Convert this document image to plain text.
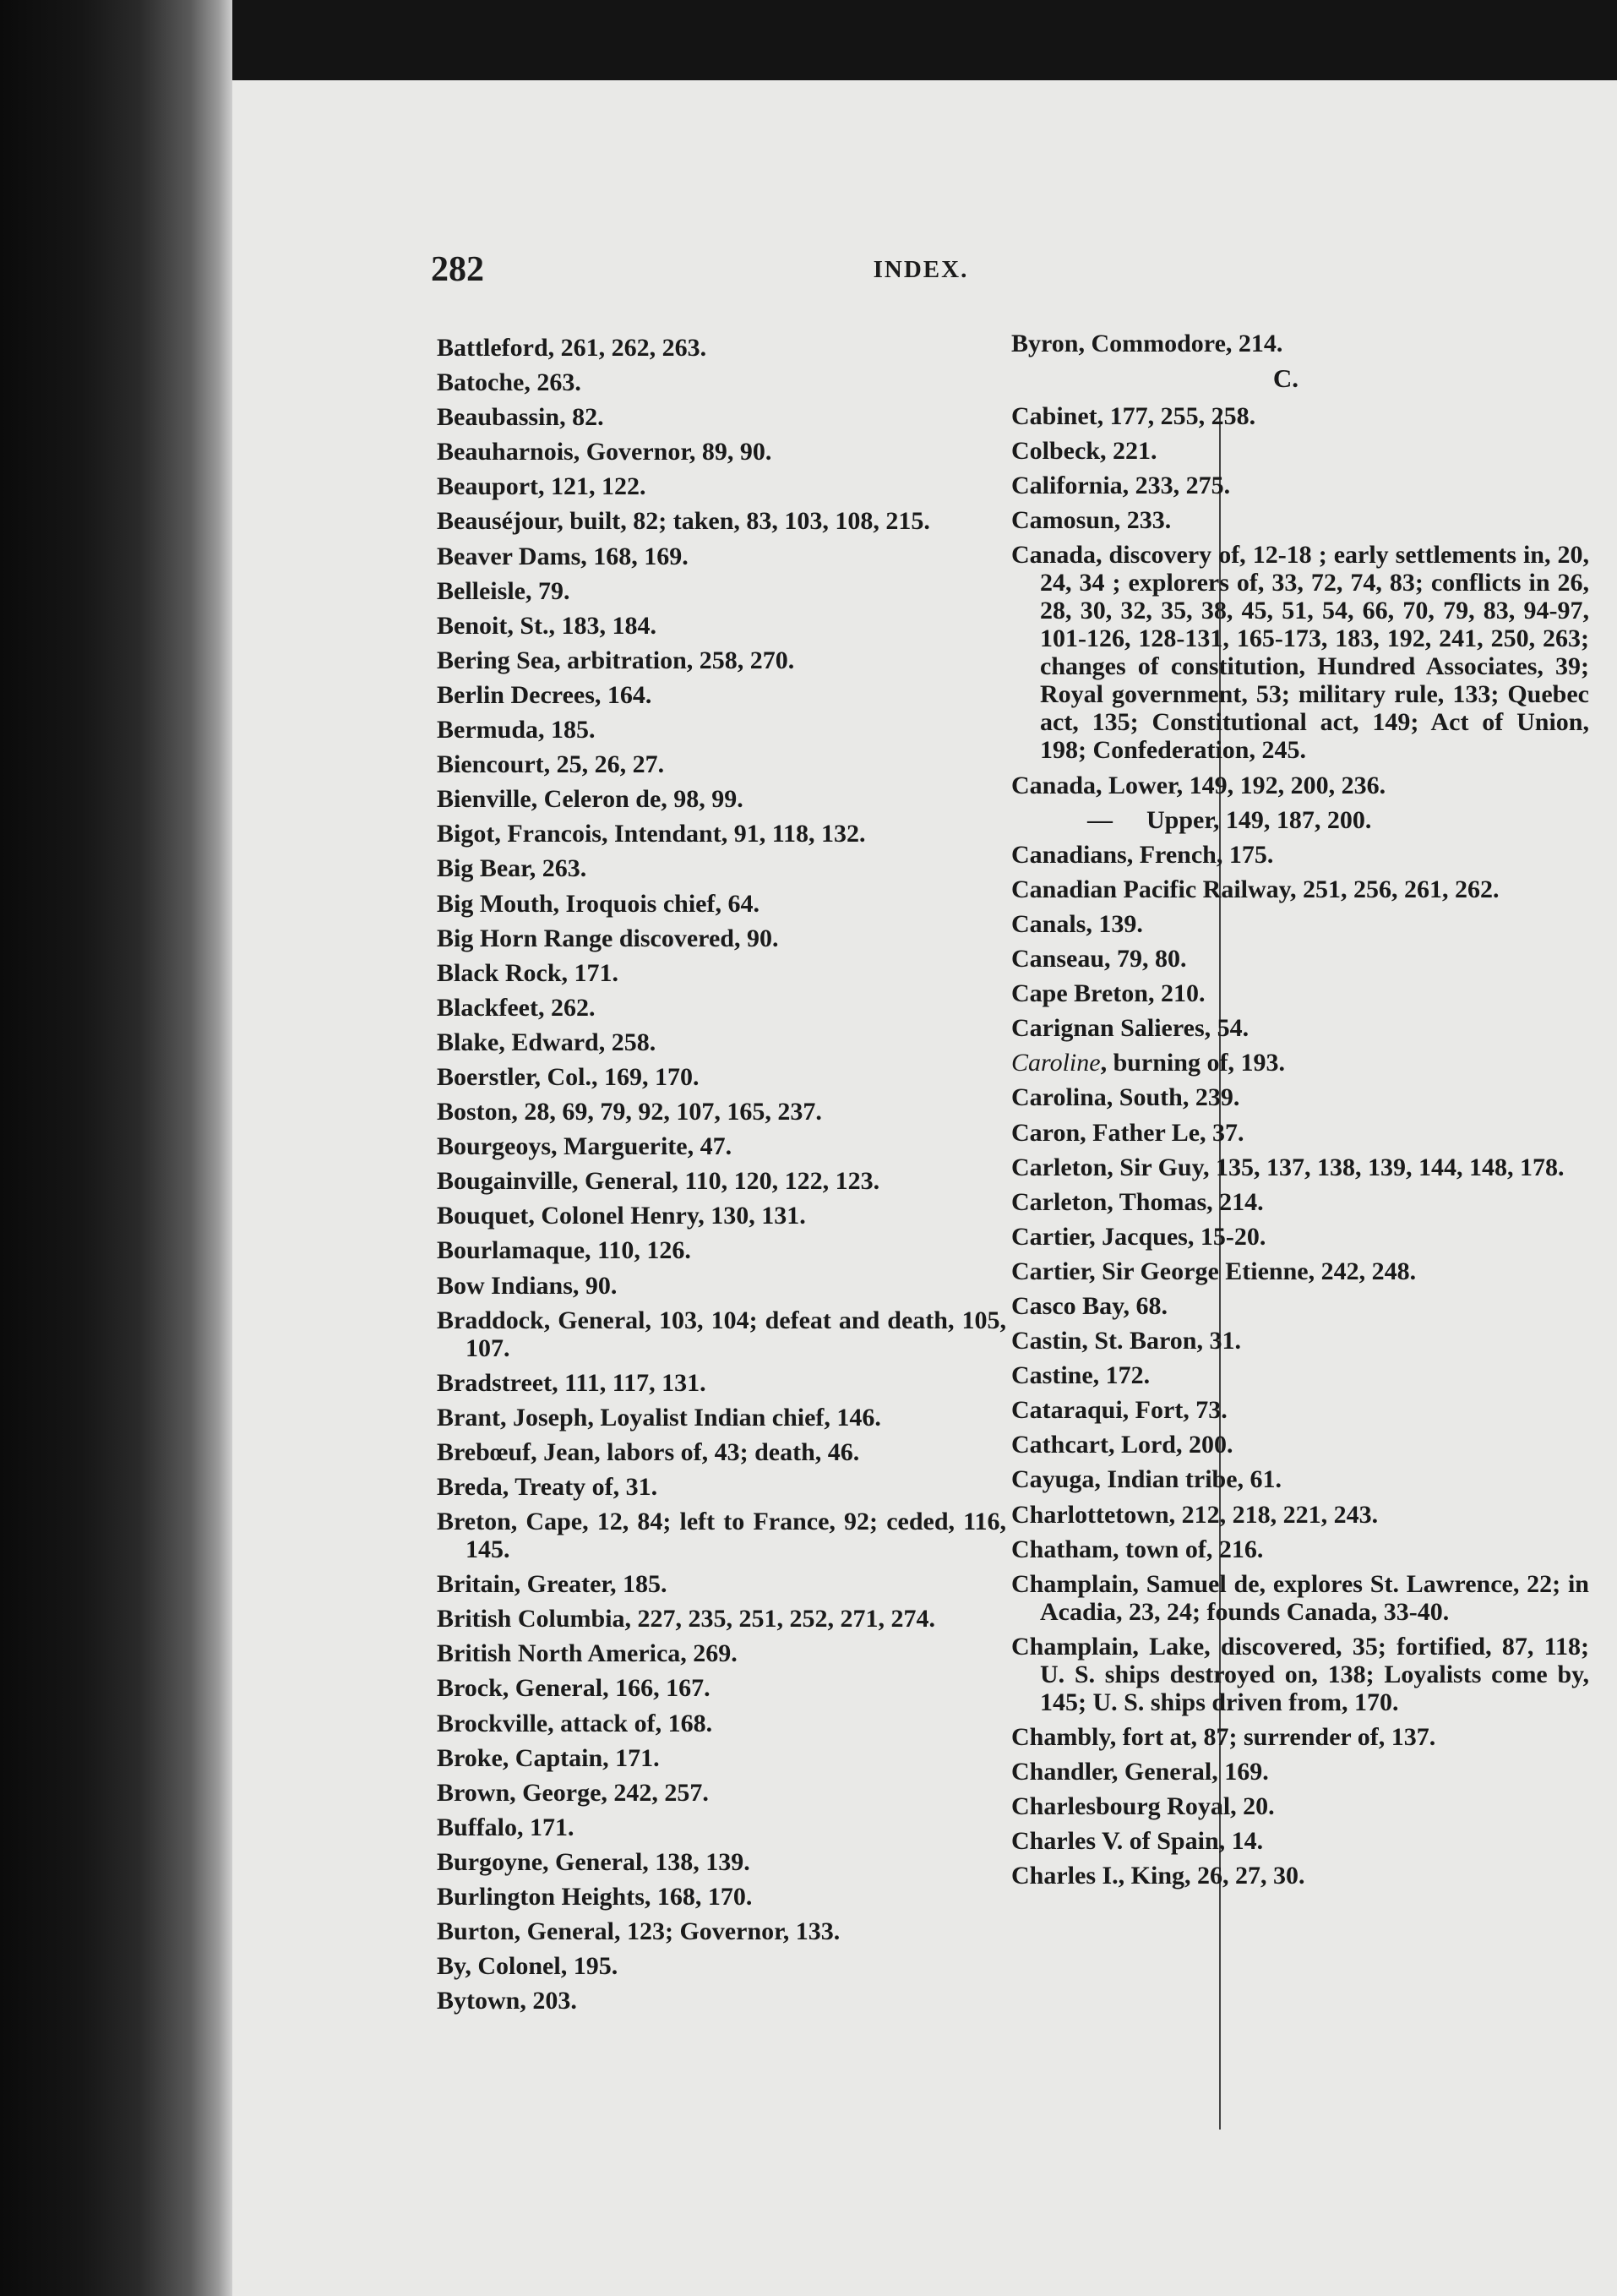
282	INDEX.
Battleford, 261, 262, 263.
Batoche, 263.
Beaubassin, 82.
Beauharnois, Governor, 89, 90.
Beauport, 121, 122.
Beauséjour, built, 82; taken, 83, 103, 108, 215.
Beaver Dams, 168, 169.
Belleisle, 79.
Benoit, St., 183, 184.
Bering Sea, arbitration, 258, 270.
Berlin Decrees, 164.
Bermuda, 185.
Biencourt, 25, 26, 27.
Bienville, Celeron de, 98, 99.
Bigot, Francois, Intendant, 91, 118, 132.
Big Bear, 263.
Big Mouth, Iroquois chief, 64.
Big Horn Range discovered, 90.
Black Rock, 171.
Blackfeet, 262.
Blake, Edward, 258.
Boerstler, Col., 169, 170.
Boston, 28, 69, 79, 92, 107, 165, 237.
Bourgeoys, Marguerite, 47.
Bougainville, General, 110, 120, 122, 123.
Bouquet, Colonel Henry, 130, 131.
Bourlamaque, 110, 126.
Bow Indians, 90.
Braddock, General, 103, 104; defeat and death, 105, 107.
Bradstreet, 111, 117, 131.
Brant, Joseph, Loyalist Indian chief, 146.
Brebœuf, Jean, labors of, 43; death, 46.
Breda, Treaty of, 31.
Breton, Cape, 12, 84; left to France, 92; ceded, 116, 145.
Britain, Greater, 185.
British Columbia, 227, 235, 251, 252, 271, 274.
British North America, 269.
Brock, General, 166, 167.
Brockville, attack of, 168.
Broke, Captain, 171.
Brown, George, 242, 257.
Buffalo, 171.
Burgoyne, General, 138, 139.
Burlington Heights, 168, 170.
Burton, General, 123; Governor, 133.
By, Colonel, 195.
Bytown, 203.
Byron, Commodore, 214.
C.
Cabinet, 177, 255, 258.
Colbeck, 221.
California, 233, 275.
Camosun, 233.
Canada, discovery of, 12-18 ; early settlements in, 20, 24, 34 ; explorers of, 33, 72, 74, 83; conflicts in 26, 28, 30, 32, 35, 38, 45, 51, 54, 66, 70, 79, 83, 94-97, 101-126, 128-131, 165-173, 183, 192, 241, 250, 263; changes of constitution, Hundred Associates, 39; Royal government, 53; military rule, 133; Quebec act, 135; Constitutional act, 149; Act of Union, 198; Confederation, 245.
Canada, Lower, 149, 192, 200, 236.
— Upper, 149, 187, 200.
Canadians, French, 175.
Canadian Pacific Railway, 251, 256, 261, 262.
Canals, 139.
Canseau, 79, 80.
Cape Breton, 210.
Carignan Salieres, 54.
Caroline, burning of, 193.
Carolina, South, 239.
Caron, Father Le, 37.
Carleton, Sir Guy, 135, 137, 138, 139, 144, 148, 178.
Carleton, Thomas, 214.
Cartier, Jacques, 15-20.
Cartier, Sir George Etienne, 242, 248.
Casco Bay, 68.
Castin, St. Baron, 31.
Castine, 172.
Cataraqui, Fort, 73.
Cathcart, Lord, 200.
Cayuga, Indian tribe, 61.
Charlottetown, 212, 218, 221, 243.
Chatham, town of, 216.
Champlain, Samuel de, explores St. Lawrence, 22; in Acadia, 23, 24; founds Canada, 33-40.
Champlain, Lake, discovered, 35; fortified, 87, 118; U. S. ships destroyed on, 138; Loyalists come by, 145; U. S. ships driven from, 170.
Chambly, fort at, 87; surrender of, 137.
Chandler, General, 169.
Charlesbourg Royal, 20.
Charles V. of Spain, 14.
Charles I., King, 26, 27, 30.
